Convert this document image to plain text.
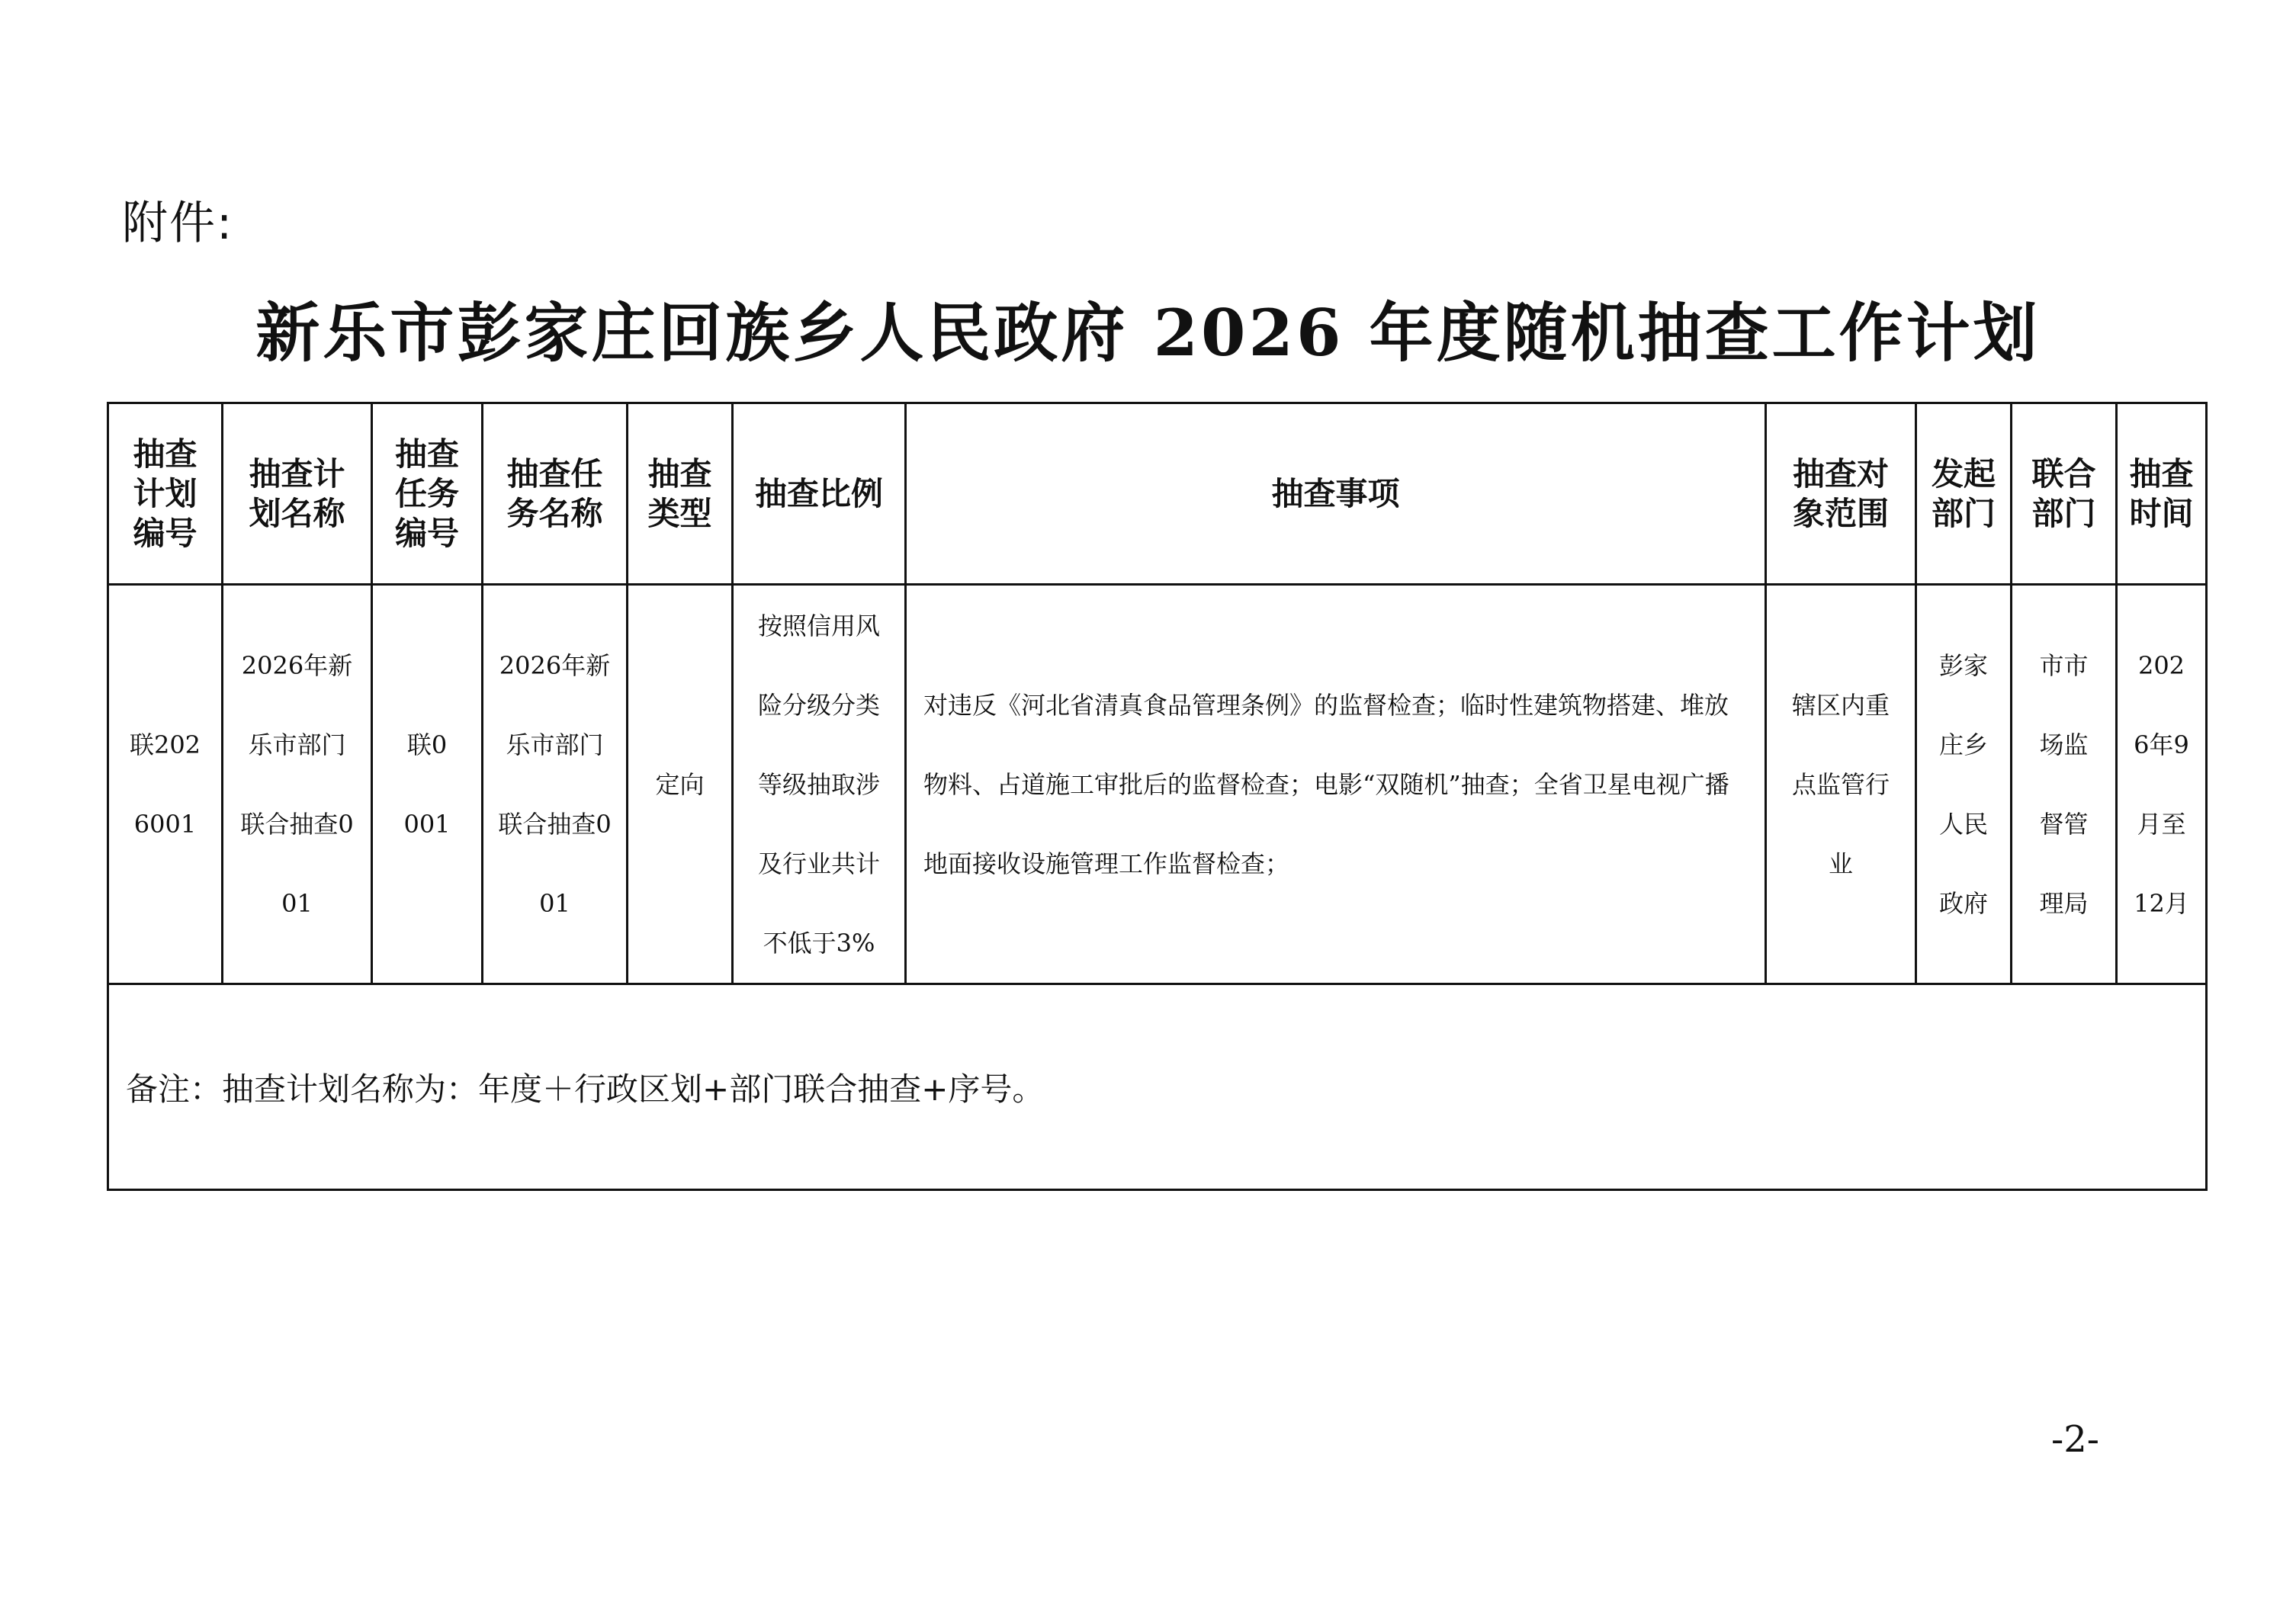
附件:
新乐市彭家庄回族乡人民政府 2026 年度随机抽查工作计划
抽查计划编号	抽查计划名称	抽查任务编号	抽查任务名称	抽查类型	抽查比例	抽查事项	抽查对象范围	发起部门	联合部门	抽查时间

联2026001	2026年新乐市部门联合抽查001	联0001	2026年新乐市部门联合抽查001	定向	按照信用风险分级分类等级抽取涉及行业共计不低于3%	对违反《河北省清真食品管理条例》的监督检查；临时性建筑物搭建、堆放物料、占道施工审批后的监督检查；电影“双随机”抽查；全省卫星电视广播地面接收设施管理工作监督检查；	辖区内重点监管行业	彭家庄乡人民政府	市市场监督管理局	2026年9月至12月

备注：抽查计划名称为：年度＋行政区划+部门联合抽查+序号。										
-2-
